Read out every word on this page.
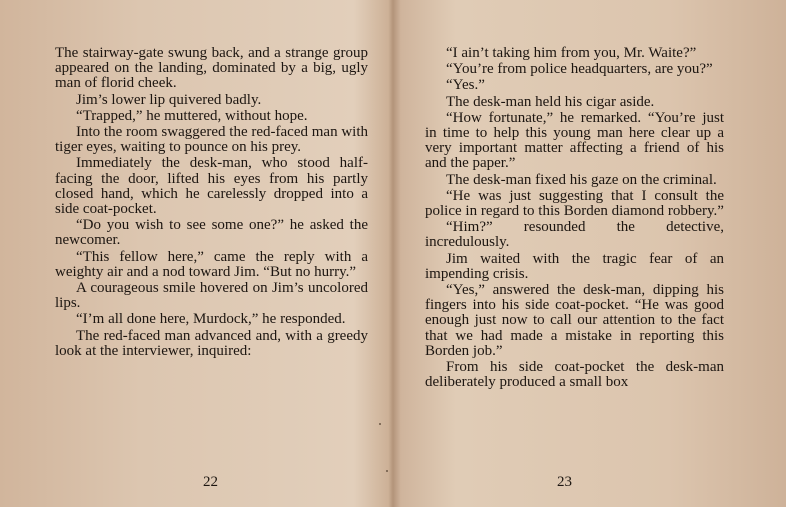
The stairway-gate swung back, and a strange group appeared on the landing, dominated by a big, ugly man of florid cheek.

Jim’s lower lip quivered badly.

“Trapped,” he muttered, without hope.

Into the room swaggered the red-faced man with tiger eyes, waiting to pounce on his prey.

Immediately the desk-man, who stood half-facing the door, lifted his eyes from his partly closed hand, which he carelessly dropped into a side coat-pocket.

“Do you wish to see some one?” he asked the newcomer.

“This fellow here,” came the reply with a weighty air and a nod toward Jim. “But no hurry.”

A courageous smile hovered on Jim’s uncolored lips.

“I’m all done here, Murdock,” he responded.

The red-faced man advanced and, with a greedy look at the interviewer, inquired:

22

“I ain’t taking him from you, Mr. Waite?”

“You’re from police headquarters, are you?”

“Yes.”

The desk-man held his cigar aside.

“How fortunate,” he remarked. “You’re just in time to help this young man here clear up a very important matter affecting a friend of his and the paper.”

The desk-man fixed his gaze on the criminal.

“He was just suggesting that I consult the police in regard to this Borden diamond robbery.”

“Him?” resounded the detective, incredulously.

Jim waited with the tragic fear of an impending crisis.

“Yes,” answered the desk-man, dipping his fingers into his side coat-pocket. “He was good enough just now to call our attention to the fact that we had made a mistake in reporting this Borden job.”

From his side coat-pocket the desk-man deliberately produced a small box

23
